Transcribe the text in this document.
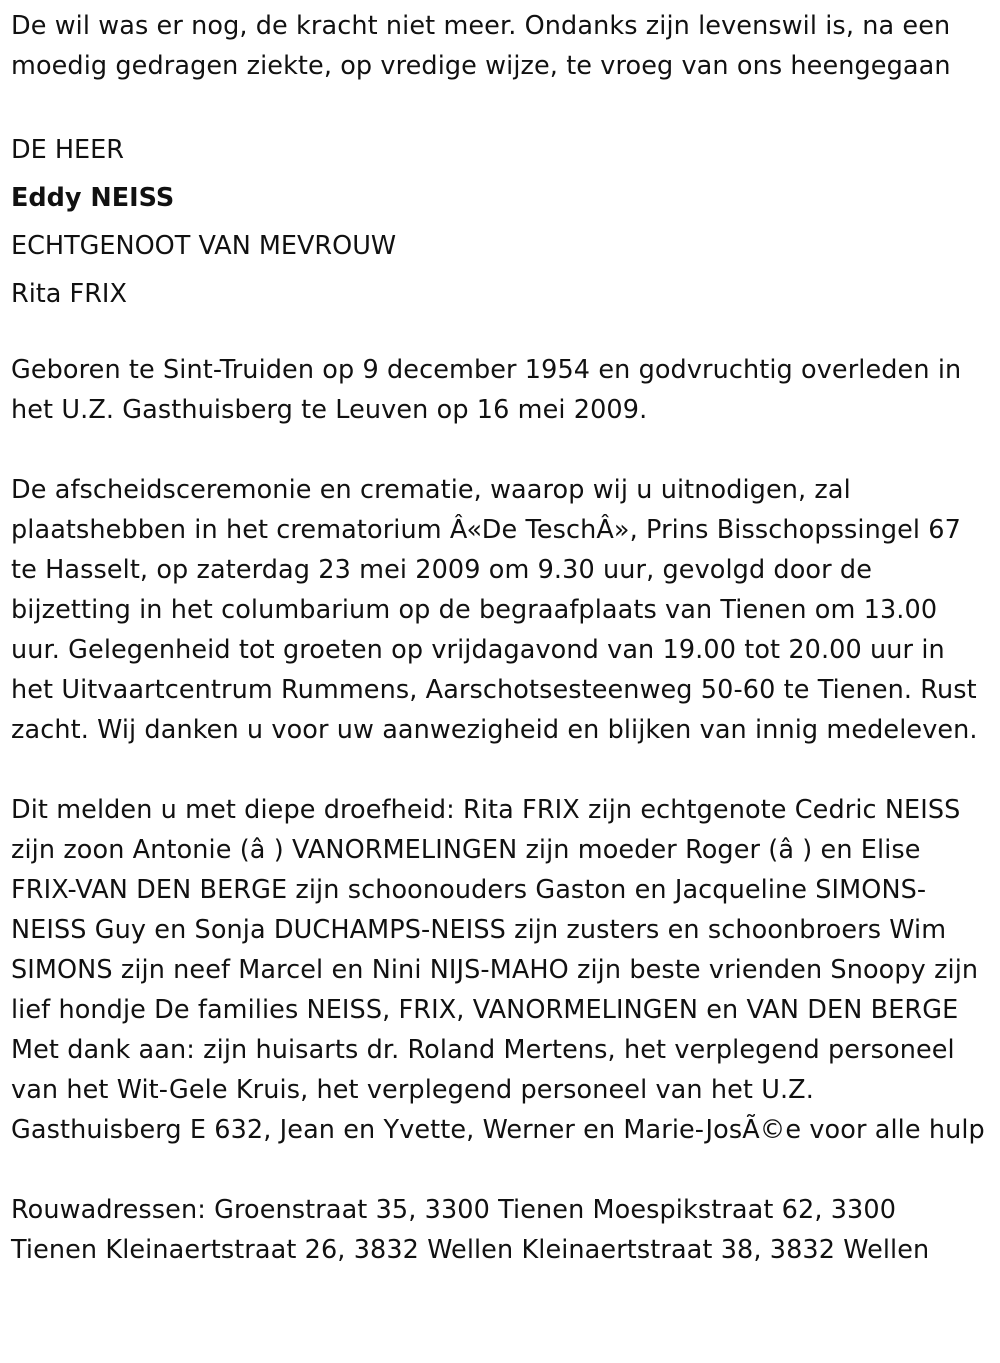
De wil was er nog, de kracht niet meer. Ondanks zijn levenswil is, na een moedig gedragen ziekte, op vredige wijze, te vroeg van ons heengegaan

DE HEER

Eddy NEISS

ECHTGENOOT VAN MEVROUW

Rita FRIX

Geboren te Sint-Truiden op 9 december 1954 en godvruchtig overleden in het U.Z. Gasthuisberg te Leuven op 16 mei 2009.

De afscheidsceremonie en crematie, waarop wij u uitnodigen, zal plaatshebben in het crematorium Â«De TeschÂ», Prins Bisschopssingel 67 te Hasselt, op zaterdag 23 mei 2009 om 9.30 uur, gevolgd door de bijzetting in het columbarium op de begraafplaats van Tienen om 13.00 uur. Gelegenheid tot groeten op vrijdagavond van 19.00 tot 20.00 uur in het Uitvaartcentrum Rummens, Aarschotsesteenweg 50-60 te Tienen. Rust zacht. Wij danken u voor uw aanwezigheid en blijken van innig medeleven.

Dit melden u met diepe droefheid: Rita FRIX zijn echtgenote Cedric NEISS zijn zoon Antonie (â ) VANORMELINGEN zijn moeder Roger (â ) en Elise FRIX-VAN DEN BERGE zijn schoonouders Gaston en Jacqueline SIMONS-NEISS Guy en Sonja DUCHAMPS-NEISS zijn zusters en schoonbroers Wim SIMONS zijn neef Marcel en Nini NIJS-MAHO zijn beste vrienden Snoopy zijn lief hondje De families NEISS, FRIX, VANORMELINGEN en VAN DEN BERGE Met dank aan: zijn huisarts dr. Roland Mertens, het verplegend personeel van het Wit-Gele Kruis, het verplegend personeel van het U.Z. Gasthuisberg E 632, Jean en Yvette, Werner en Marie-JosÃ©e voor alle hulp

Rouwadressen: Groenstraat 35, 3300 Tienen Moespikstraat 62, 3300 Tienen Kleinaertstraat 26, 3832 Wellen Kleinaertstraat 38, 3832 Wellen
